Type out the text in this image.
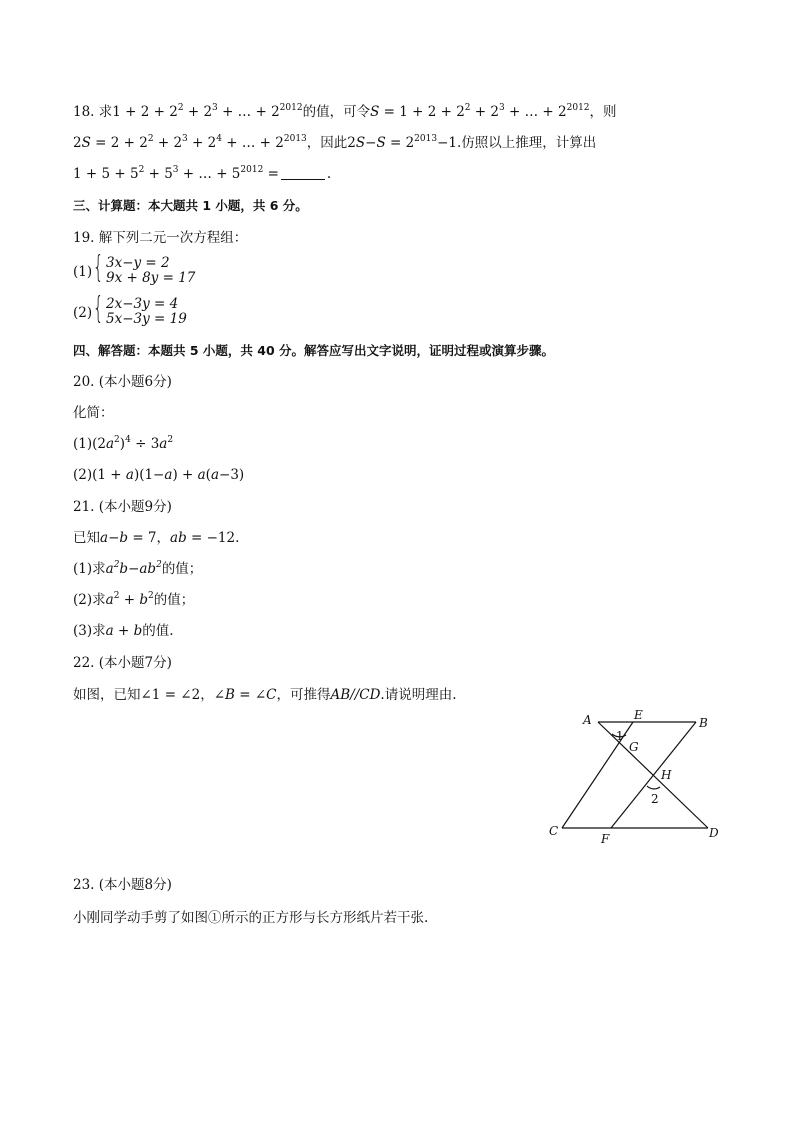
18. 求$1 + 2 + 2^2 + 2^3$ + … + $2^{2012}$的值，可令$S = 1 + 2 + 2^2 + 2^3$ + … + $2^{2012}$，则
$2S = 2 + 2^2 + 2^3 + 2^4$ + … + $2^{2013}$，因此$2S-S = 2^{2013}-1$.仿照以上推理，计算出
$1 + 5 + 5^2 + 5^3$ + … + $5^{2012}$ =	.
三、计算题：本大题共 1 小题，共 6 分。
19. 解下列二元一次方程组：
(1) { 3x−y = 2
9x + 8y = 17
(2) { 2x−3y = 4
5x−3y = 19
四、解答题：本题共 5 小题，共 40 分。解答应写出文字说明，证明过程或演算步骤。
20. (本小题6分)
化简：
$(1)(2a^2)^4 \div 3a^2$
(2)(1 + a)(1−a) + a(a−3)
21. (本小题9分)
已知a−b = 7，ab = −12.
(1)求$a^2b-ab^2$的值；
(2)求$a^2 + b^2$的值；
(3)求a + b的值.
22. (本小题7分)
如图，已知∠1 = ∠2，∠B = ∠C，可推得AB//CD.请说明理由.
A	E
B
1
G
H
2
C
F	D
23. (本小题8分)
小刚同学动手剪了如图①所示的正方形与长方形纸片若干张.
